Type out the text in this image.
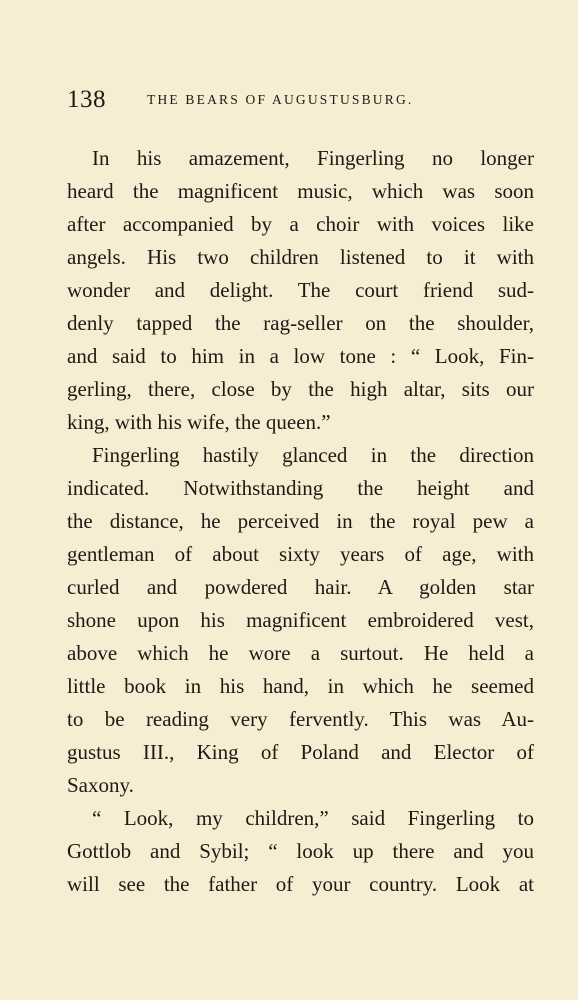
138	THE BEARS OF AUGUSTUSBURG.

In his amazement, Fingerling no longer
heard the magnificent music, which was soon
after accompanied by a choir with voices like
angels. His two children listened to it with
wonder and delight. The court friend sud-
denly tapped the rag-seller on the shoulder,
and said to him in a low tone : “ Look, Fin-
gerling, there, close by the high altar, sits our
king, with his wife, the queen.”

Fingerling hastily glanced in the direction
indicated. Notwithstanding the height and
the distance, he perceived in the royal pew a
gentleman of about sixty years of age, with
curled and powdered hair. A golden star
shone upon his magnificent embroidered vest,
above which he wore a surtout. He held a
little book in his hand, in which he seemed
to be reading very fervently. This was Au-
gustus III., King of Poland and Elector of
Saxony.

“ Look, my children,” said Fingerling to
Gottlob and Sybil; “ look up there and you
will see the father of your country. Look at
